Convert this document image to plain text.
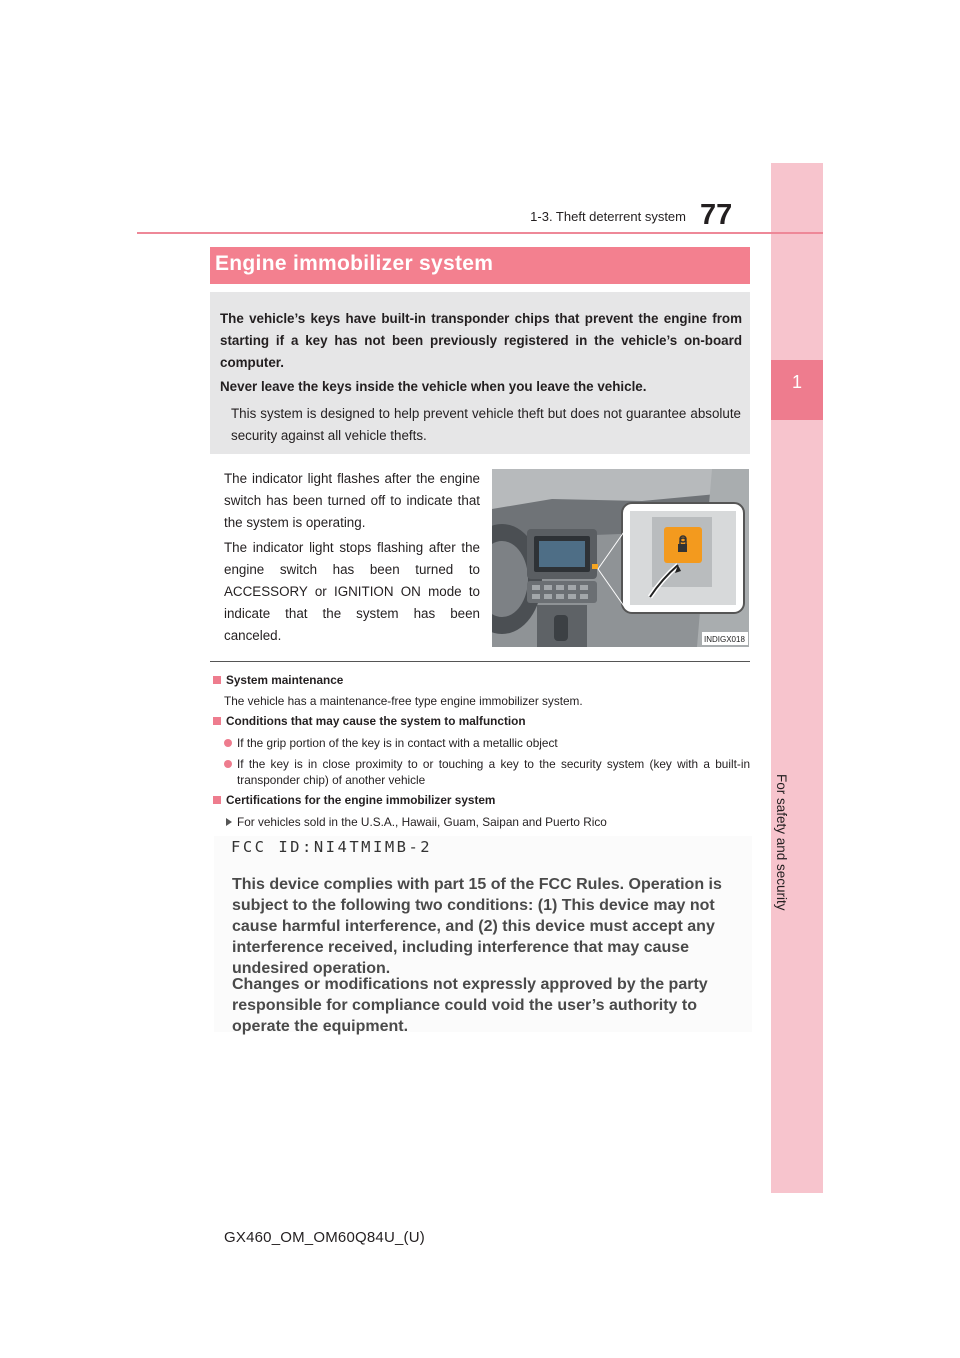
1
For safety and security
1-3. Theft deterrent system 77
Engine immobilizer system
The vehicle’s keys have built-in transponder chips that prevent the engine from starting if a key has not been previously registered in the vehicle’s on-board computer.
Never leave the keys inside the vehicle when you leave the vehicle.
This system is designed to help prevent vehicle theft but does not guarantee absolute security against all vehicle thefts.
The indicator light flashes after the engine switch has been turned off to indicate that the system is operating.
The indicator light stops flashing after the engine switch has been turned to ACCESSORY or IGNITION ON mode to indicate that the system has been canceled.	INDIGX018
System maintenance
The vehicle has a maintenance-free type engine immobilizer system.
Conditions that may cause the system to malfunction
If the grip portion of the key is in contact with a metallic object
If the key is in close proximity to or touching a key to the security system (key with a built-in transponder chip) of another vehicle
Certifications for the engine immobilizer system
For vehicles sold in the U.S.A., Hawaii, Guam, Saipan and Puerto Rico
FCC ID:NI4TMIMB-2
This device complies with part 15 of the FCC Rules. Operation is subject to the following two conditions: (1) This device may not cause harmful interference, and (2) this device must accept any interference received, including interference that may cause undesired operation.
Changes or modifications not expressly approved by the party responsible for compliance could void the user’s authority to operate the equipment.
GX460_OM_OM60Q84U_(U)
